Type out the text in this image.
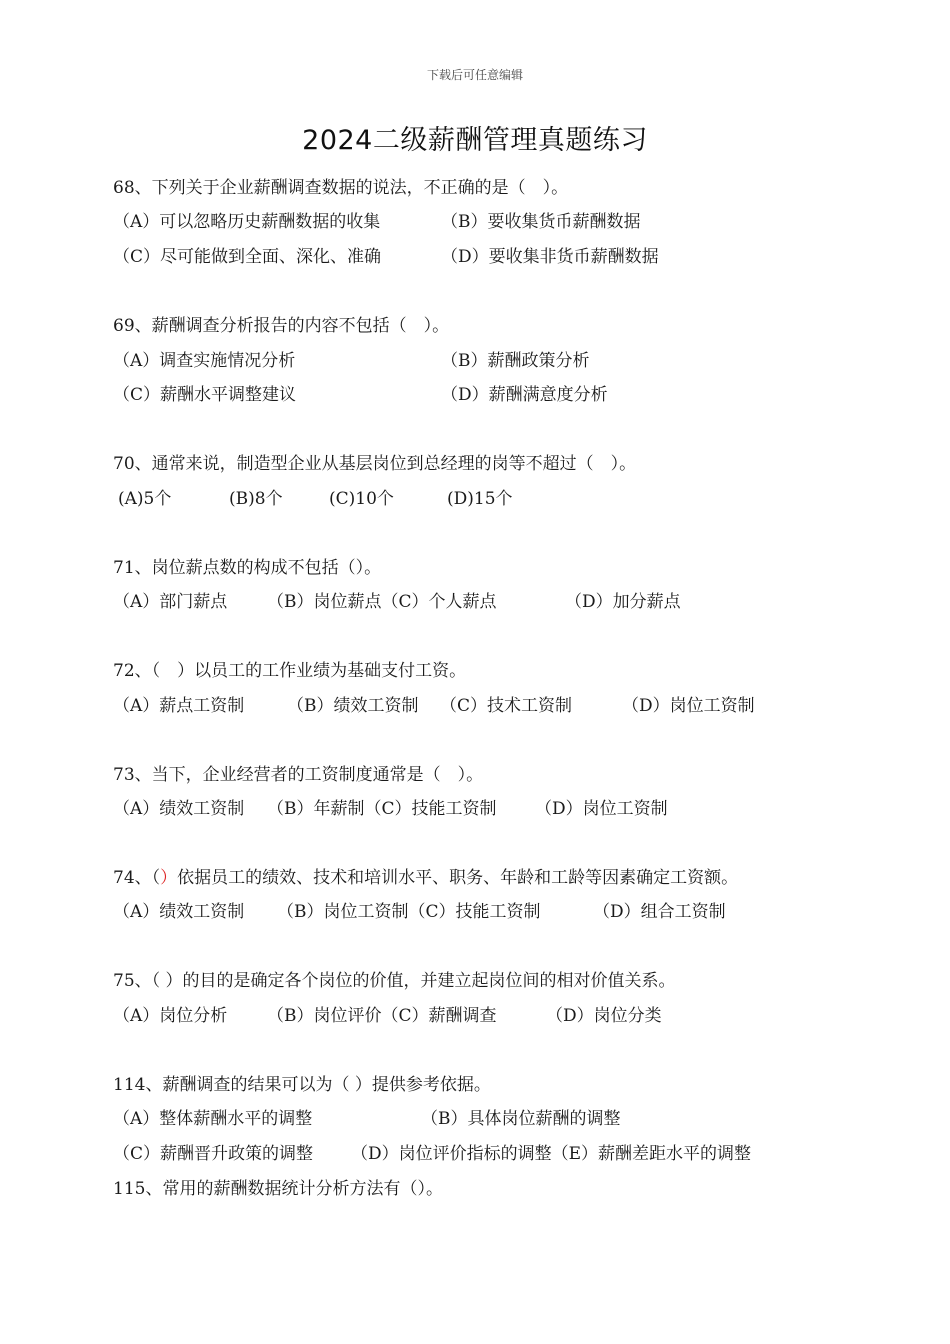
下载后可任意编辑
2024二级薪酬管理真题练习
68、下列关于企业薪酬调查数据的说法，不正确的是（　）。
（A）可以忽略历史薪酬数据的收集	（B）要收集货币薪酬数据
（C）尽可能做到全面、深化、准确	（D）要收集非货币薪酬数据
69、薪酬调查分析报告的内容不包括（　）。
（A）调查实施情况分析	（B）薪酬政策分析
（C）薪酬水平调整建议	（D）薪酬满意度分析
70、通常来说，制造型企业从基层岗位到总经理的岗等不超过（　）。
(A)5个	(B)8个	(C)10个	(D)15个
71、岗位薪点数的构成不包括（）。
（A）部门薪点 （B）岗位薪点（C）个人薪点	（D）加分薪点
72、（　）以员工的工作业绩为基础支付工资。
（A）薪点工资制	（B）绩效工资制 （C）技术工资制	（D）岗位工资制
73、当下，企业经营者的工资制度通常是（　）。
（A）绩效工资制 （B）年薪制（C）技能工资制 （D）岗位工资制
74、（）依据员工的绩效、技术和培训水平、职务、年龄和工龄等因素确定工资额。
（A）绩效工资制 （B）岗位工资制（C）技能工资制	（D）组合工资制
75、（ ）的目的是确定各个岗位的价值，并建立起岗位间的相对价值关系。
（A）岗位分析 （B）岗位评价（C）薪酬调查	（D）岗位分类
114、薪酬调查的结果可以为（ ）提供参考依据。
（A）整体薪酬水平的调整	（B）具体岗位薪酬的调整
（C）薪酬晋升政策的调整 （D）岗位评价指标的调整（E）薪酬差距水平的调整
115、常用的薪酬数据统计分析方法有（）。
